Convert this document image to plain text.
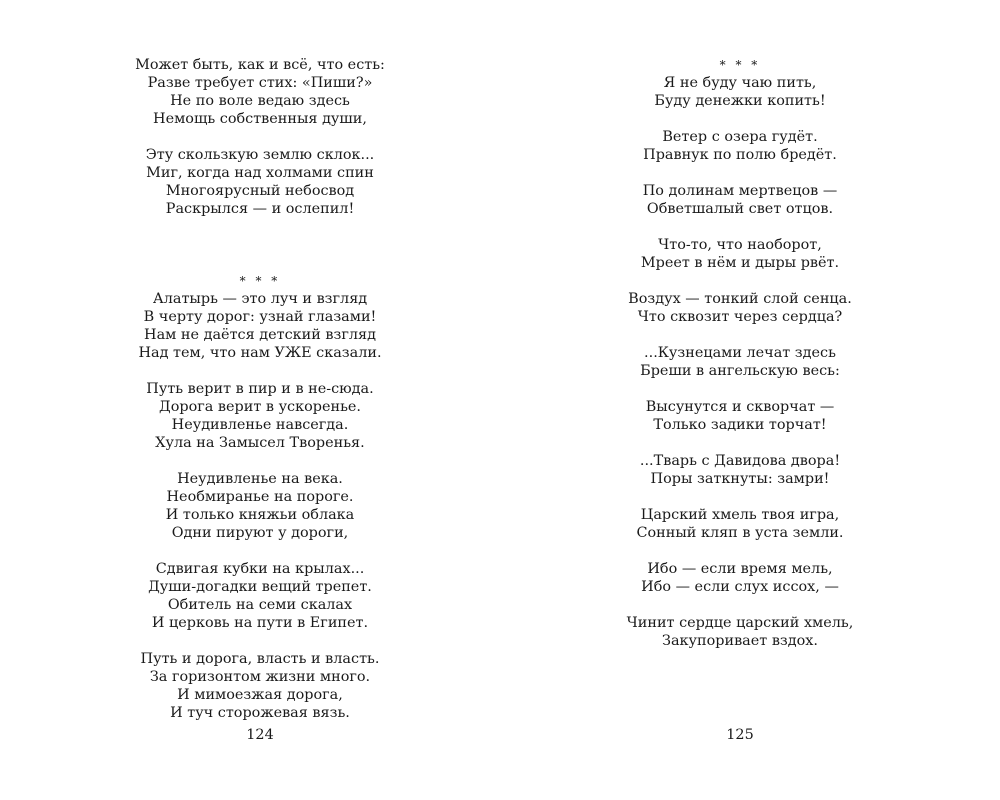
Может быть, как и всё, что есть:
Разве требует стих: «Пиши?»
Не по воле ведаю здесь
Немощь собственныя души,
Эту скользкую землю склок...
Миг, когда над холмами спин
Многоярусный небосвод
Раскрылся — и ослепил!
* * *
Алатырь — это луч и взгляд
В черту дорог: узнай глазами!
Нам не даётся детский взгляд
Над тем, что нам УЖЕ сказали.
Путь верит в пир и в не-сюда.
Дорога верит в ускоренье.
Неудивленье навсегда.
Хула на Замысел Творенья.
Неудивленье на века.
Необмиранье на пороге.
И только княжьи облака
Одни пируют у дороги,
Сдвигая кубки на крылах...
Души-догадки вещий трепет.
Обитель на семи скалах
И церковь на пути в Египет.
Путь и дорога, власть и власть.
За горизонтом жизни много.
И мимоезжая дорога,
И туч сторожевая вязь.
124
* * *
Я не буду чаю пить,
Буду денежки копить!
Ветер с озера гудёт.
Правнук по полю бредёт.
По долинам мертвецов —
Обветшалый свет отцов.
Что-то, что наоборот,
Мреет в нём и дыры рвёт.
Воздух — тонкий слой сенца.
Что сквозит через сердца?
...Кузнецами лечат здесь
Бреши в ангельскую весь:
Высунутся и скворчат —
Только задики торчат!
...Тварь с Давидова двора!
Поры заткнуты: замри!
Царский хмель твоя игра,
Сонный кляп в уста земли.
Ибо — если время мель,
Ибо — если слух иссох, —
Чинит сердце царский хмель,
Закупоривает вздох.
125
